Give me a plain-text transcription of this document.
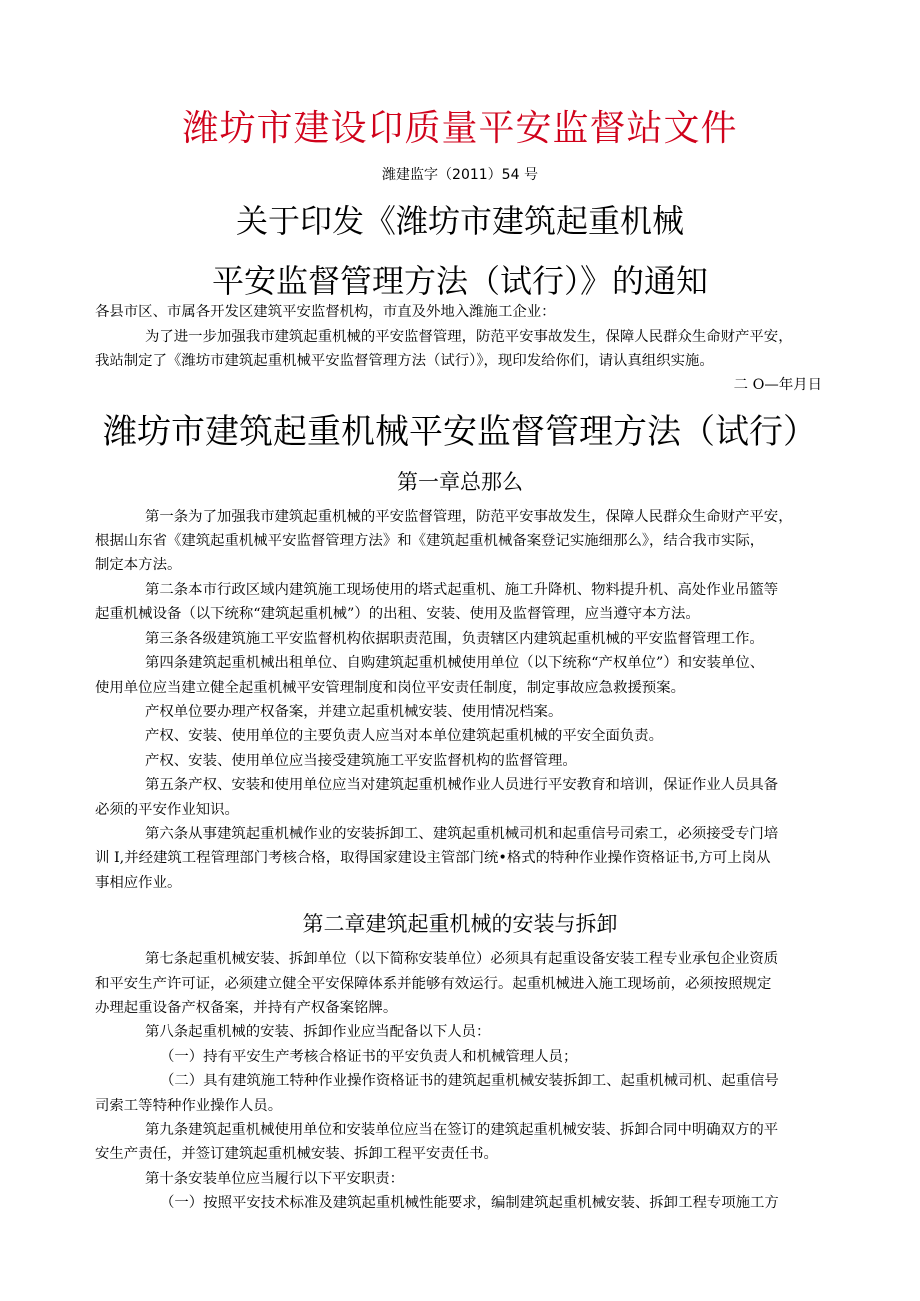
潍坊市建设卬质量平安监督站文件
潍建监字（2011）54 号
关于印发《潍坊市建筑起重机械
平安监督管理方法（试行）》的通知
各县市区、市属各开发区建筑平安监督机构，市直及外地入潍施工企业：
为了进一步加强我市建筑起重机械的平安监督管理，防范平安事故发生，保障人民群众生命财产平安，
我站制定了《潍坊市建筑起重机械平安监督管理方法（试行）》，现印发给你们，请认真组织实施。
二 O—年月日
潍坊市建筑起重机械平安监督管理方法（试行）
第一章总那么
第一条为了加强我市建筑起重机械的平安监督管理，防范平安事故发生，保障人民群众生命财产平安，
根据山东省《建筑起重机械平安监督管理方法》和《建筑起重机械备案登记实施细那么》，结合我市实际，
制定本方法。
第二条本市行政区域内建筑施工现场使用的塔式起重机、施工升降机、物料提升机、高处作业吊篮等
起重机械设备（以下统称“建筑起重机械”）的出租、安装、使用及监督管理，应当遵守本方法。
第三条各级建筑施工平安监督机构依据职责范围，负责辖区内建筑起重机械的平安监督管理工作。
第四条建筑起重机械出租单位、自购建筑起重机械使用单位（以下统称“产权单位”）和安装单位、
使用单位应当建立健全起重机械平安管理制度和岗位平安责任制度，制定事故应急救援预案。
产权单位要办理产权备案，并建立起重机械安装、使用情况档案。
产权、安装、使用单位的主要负责人应当对本单位建筑起重机械的平安全面负责。
产权、安装、使用单位应当接受建筑施工平安监督机构的监督管理。
第五条产权、安装和使用单位应当对建筑起重机械作业人员进行平安教育和培训，保证作业人员具备
必须的平安作业知识。
第六条从事建筑起重机械作业的安装拆卸工、建筑起重机械司机和起重信号司索工，必须接受专门培
训 I,并经建筑工程管理部门考核合格，取得国家建设主管部门统•格式的特种作业操作资格证书,方可上岗从
事相应作业。
第二章建筑起重机械的安装与拆卸
第七条起重机械安装、拆卸单位（以下简称安装单位）必须具有起重设备安装工程专业承包企业资质
和平安生产许可证，必须建立健全平安保障体系并能够有效运行。起重机械进入施工现场前，必须按照规定
办理起重设备产权备案，并持有产权备案铭牌。
第八条起重机械的安装、拆卸作业应当配备以下人员：
（一）持有平安生产考核合格证书的平安负责人和机械管理人员；
（二）具有建筑施工特种作业操作资格证书的建筑起重机械安装拆卸工、起重机械司机、起重信号
司索工等特种作业操作人员。
第九条建筑起重机械使用单位和安装单位应当在签订的建筑起重机械安装、拆卸合同中明确双方的平
安生产责任，并签订建筑起重机械安装、拆卸工程平安责任书。
第十条安装单位应当履行以下平安职责：
（一）按照平安技术标准及建筑起重机械性能要求，编制建筑起重机械安装、拆卸工程专项施工方
